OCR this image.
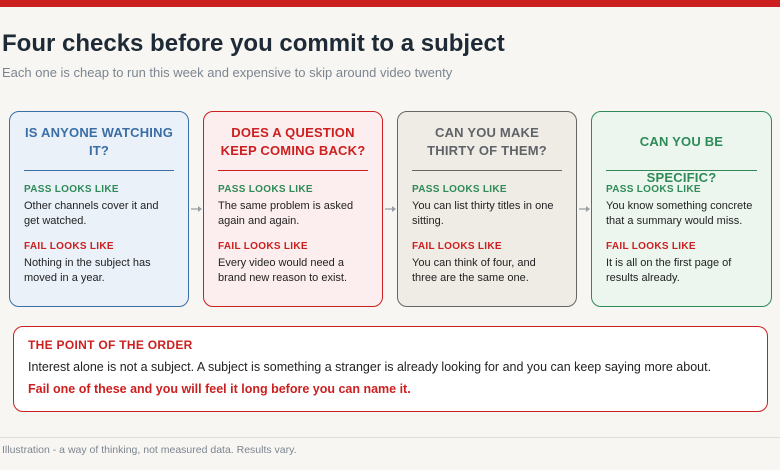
Four checks before you commit to a subject
Each one is cheap to run this week and expensive to skip around video twenty
IS ANYONE WATCHING IT?
PASS LOOKS LIKE
Other channels cover it and get watched.
FAIL LOOKS LIKE
Nothing in the subject has moved in a year.
DOES A QUESTION KEEP COMING BACK?
PASS LOOKS LIKE
The same problem is asked again and again.
FAIL LOOKS LIKE
Every video would need a brand new reason to exist.
CAN YOU MAKE THIRTY OF THEM?
PASS LOOKS LIKE
You can list thirty titles in one sitting.
FAIL LOOKS LIKE
You can think of four, and three are the same one.
CAN YOU BE SPECIFIC?
PASS LOOKS LIKE
You know something concrete that a summary would miss.
FAIL LOOKS LIKE
It is all on the first page of results already.
THE POINT OF THE ORDER
Interest alone is not a subject. A subject is something a stranger is already looking for and you can keep saying more about.
Fail one of these and you will feel it long before you can name it.
Illustration - a way of thinking, not measured data. Results vary.
